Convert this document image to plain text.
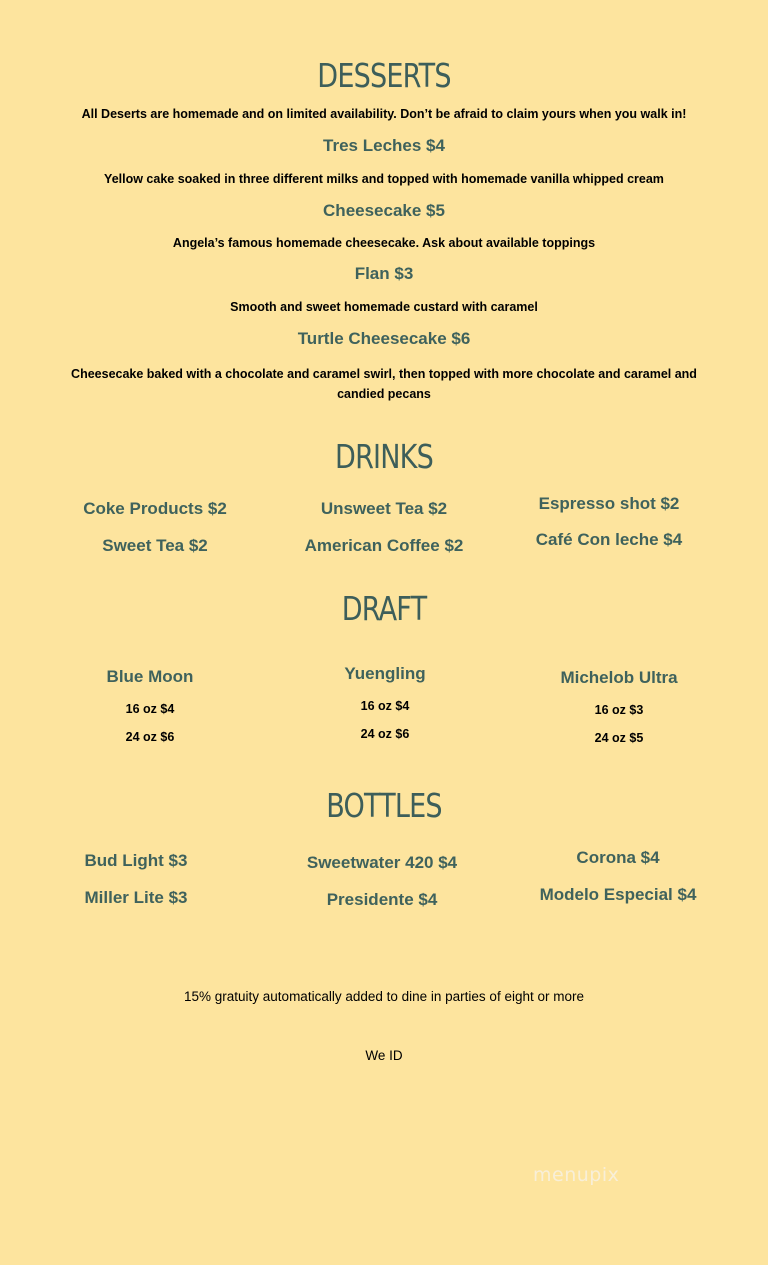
DESSERTS
All Deserts are homemade and on limited availability. Don’t be afraid to claim yours when you walk in!
Tres Leches $4
Yellow cake soaked in three different milks and topped with homemade vanilla whipped cream
Cheesecake $5
Angela’s famous homemade cheesecake. Ask about available toppings
Flan $3
Smooth and sweet homemade custard with caramel
Turtle Cheesecake $6
Cheesecake baked with a chocolate and caramel swirl, then topped with more chocolate and caramel and candied pecans
DRINKS
Coke Products $2
Sweet Tea $2
Unsweet Tea $2
American Coffee $2
Espresso shot $2
Café Con leche $4
DRAFT
Blue Moon
16 oz $4
24 oz $6
Yuengling
16 oz $4
24 oz $6
Michelob Ultra
16 oz $3
24 oz $5
BOTTLES
Bud Light $3
Miller Lite $3
Sweetwater 420 $4
Presidente $4
Corona $4
Modelo Especial $4
15% gratuity automatically added to dine in parties of eight or more
We ID
menupix
